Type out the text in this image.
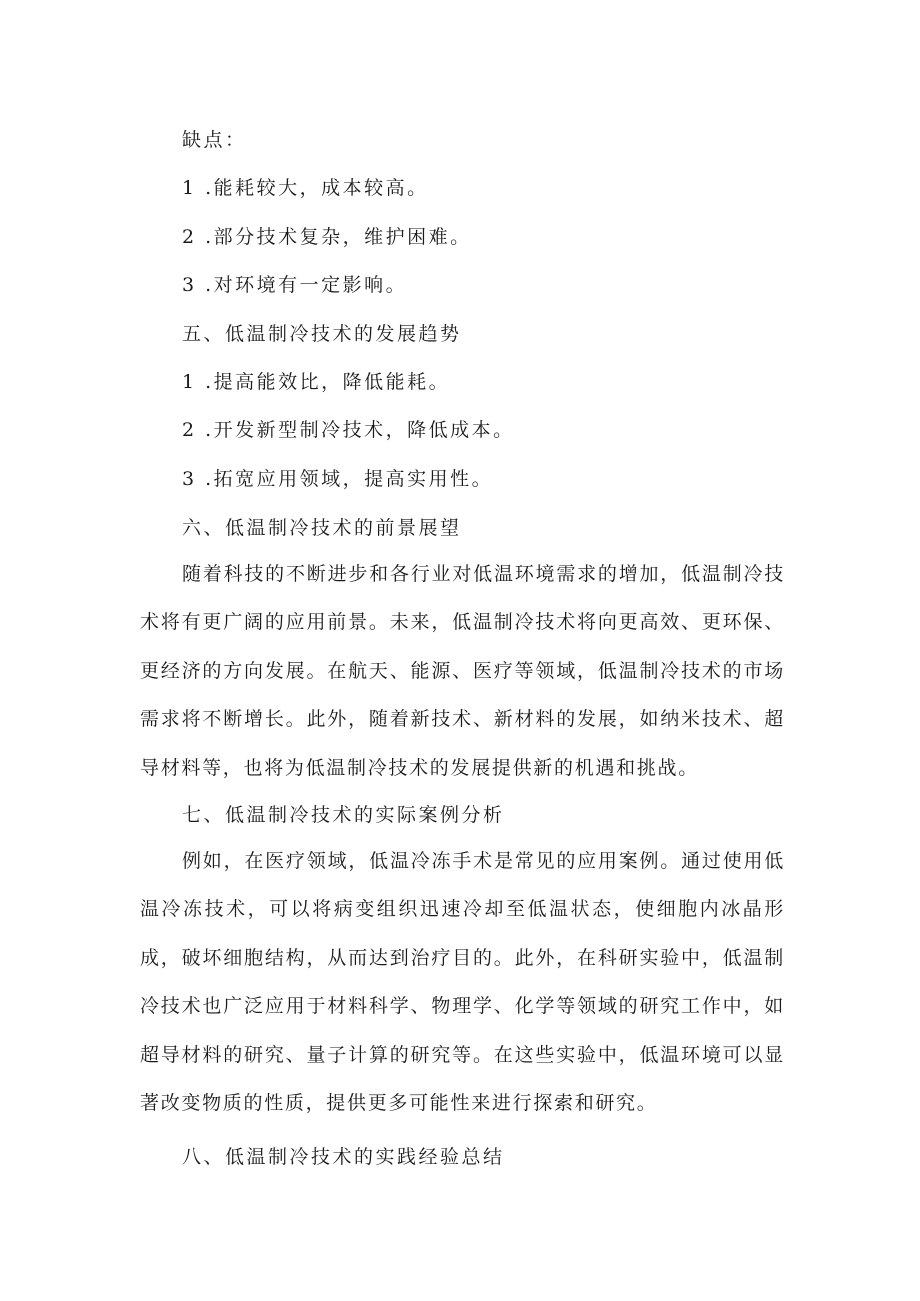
缺点：
1 .能耗较大，成本较高。
2 .部分技术复杂，维护困难。
3 .对环境有一定影响。
五、低温制冷技术的发展趋势
1 .提高能效比，降低能耗。
2 .开发新型制冷技术，降低成本。
3 .拓宽应用领域，提高实用性。
六、低温制冷技术的前景展望

随着科技的不断进步和各行业对低温环境需求的增加，低温制冷技术将有更广阔的应用前景。未来，低温制冷技术将向更高效、更环保、更经济的方向发展。在航天、能源、医疗等领域，低温制冷技术的市场需求将不断增长。此外，随着新技术、新材料的发展，如纳米技术、超导材料等，也将为低温制冷技术的发展提供新的机遇和挑战。

七、低温制冷技术的实际案例分析

例如，在医疗领域，低温冷冻手术是常见的应用案例。通过使用低温冷冻技术，可以将病变组织迅速冷却至低温状态，使细胞内冰晶形成，破坏细胞结构，从而达到治疗目的。此外，在科研实验中，低温制冷技术也广泛应用于材料科学、物理学、化学等领域的研究工作中，如超导材料的研究、量子计算的研究等。在这些实验中，低温环境可以显著改变物质的性质，提供更多可能性来进行探索和研究。

八、低温制冷技术的实践经验总结
